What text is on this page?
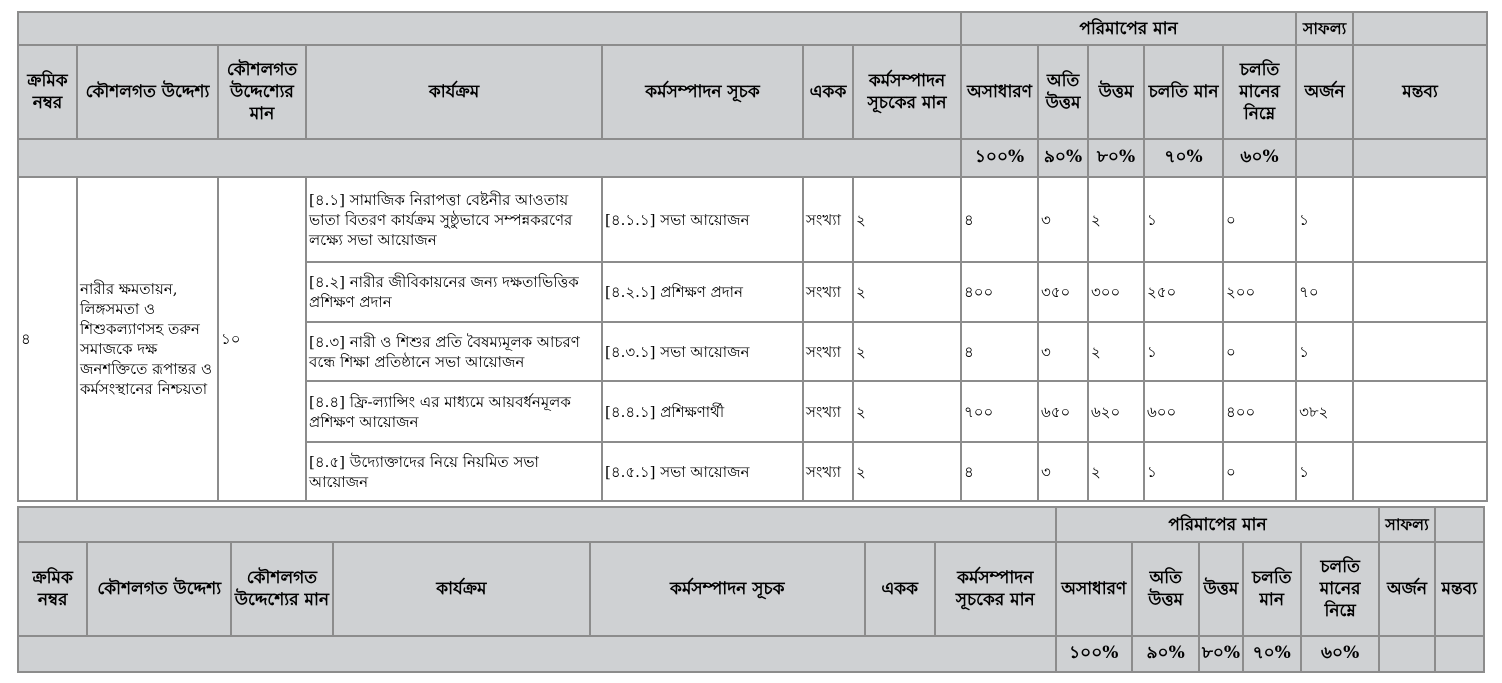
							পরিমাপের মান					সাফল্য	
ক্রমিক নম্বর	কৌশলগত উদ্দেশ্য	কৌশলগত উদ্দেশ্যের মান	কার্যক্রম	কর্মসম্পাদন সূচক	একক	কর্মসম্পাদন সূচকের মান	অসাধারণ	অতি উত্তম	উত্তম	চলতি মান	চলতি মানের নিম্নে	অর্জন	মন্তব্য
							১০০%	৯০%	৮০%	৭০%	৬০%		
৪	নারীর ক্ষমতায়ন, লিঙ্গসমতা ও শিশুকল্যাণসহ তরুন সমাজকে দক্ষ জনশক্তিতে রূপান্তর ও কর্মসংস্থানের নিশ্চয়তা	১০	[৪.১] সামাজিক নিরাপত্তা বেষ্টনীর আওতায় ভাতা বিতরণ কার্যক্রম সুষ্ঠুভাবে সম্পন্নকরণের লক্ষ্যে সভা আয়োজন	[৪.১.১] সভা আয়োজন	সংখ্যা	২	৪	৩	২	১	০	১	
			[৪.২] নারীর জীবিকায়নের জন্য দক্ষতাভিত্তিক প্রশিক্ষণ প্রদান	[৪.২.১] প্রশিক্ষণ প্রদান	সংখ্যা	২	৪০০	৩৫০	৩০০	২৫০	২০০	৭০	
			[৪.৩] নারী ও শিশুর প্রতি বৈষম্যমূলক আচরণ বন্ধে শিক্ষা প্রতিষ্ঠানে সভা আয়োজন	[৪.৩.১] সভা আয়োজন	সংখ্যা	২	৪	৩	২	১	০	১	
			[৪.৪] ফ্রি-ল্যান্সিং এর মাধ্যমে আয়বর্ধনমূলক প্রশিক্ষণ আয়োজন	[৪.৪.১] প্রশিক্ষণার্থী	সংখ্যা	২	৭০০	৬৫০	৬২০	৬০০	৪০০	৩৮২	
			[৪.৫] উদ্যোক্তাদের নিয়ে নিয়মিত সভা আয়োজন	[৪.৫.১] সভা আয়োজন	সংখ্যা	২	৪	৩	২	১	০	১	
							পরিমাপের মান					সাফল্য	
ক্রমিক নম্বর	কৌশলগত উদ্দেশ্য	কৌশলগত উদ্দেশ্যের মান	কার্যক্রম	কর্মসম্পাদন সূচক	একক	কর্মসম্পাদন সূচকের মান	অসাধারণ	অতি উত্তম	উত্তম	চলতি মান	চলতি মানের নিম্নে	অর্জন	মন্তব্য
							১০০%	৯০%	৮০%	৭০%	৬০%		
